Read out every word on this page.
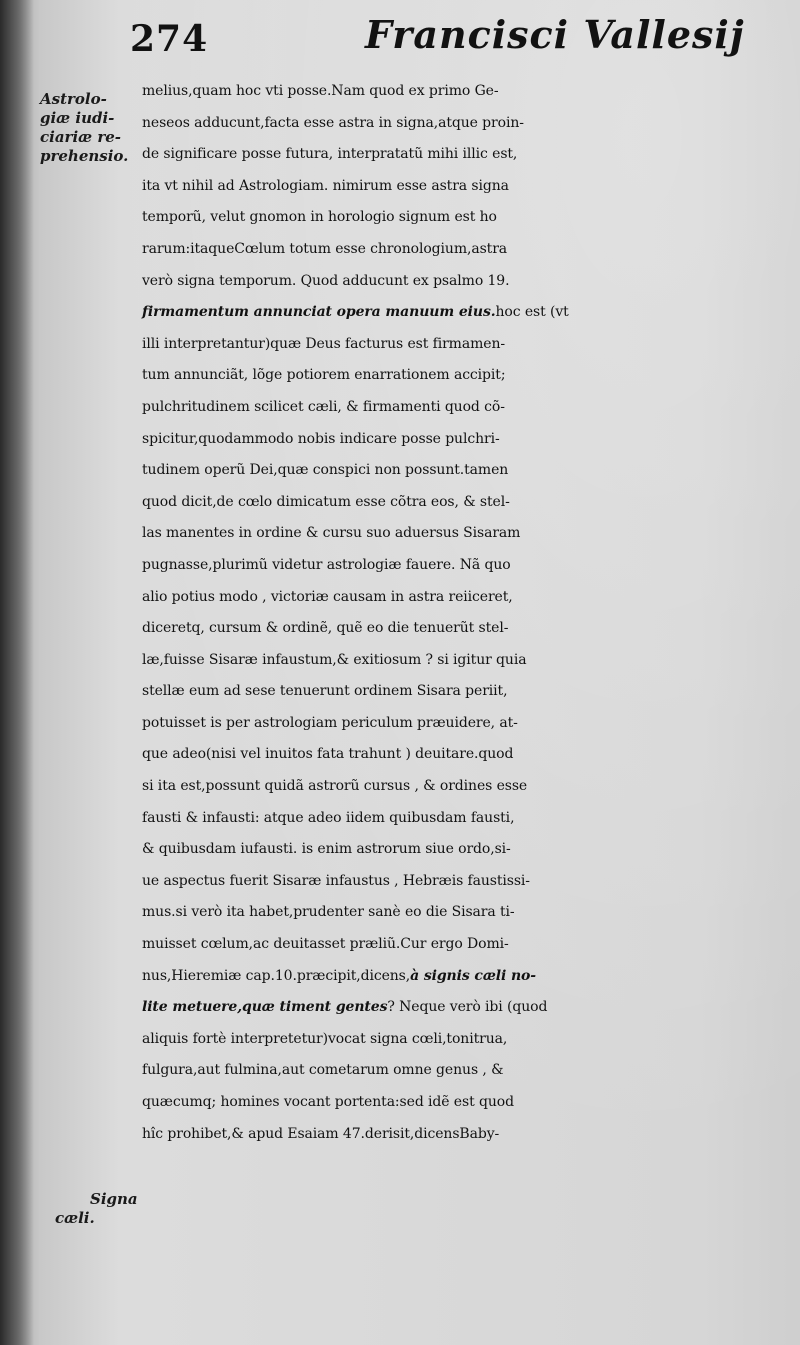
274	Francisci Vallesij
Astrolo-
giæ iudi-
ciariæ re-
prehensio.
Signa
cæli.
melius,quam hoc vti posse.Nam quod ex primo Ge-
neseos adducunt,facta esse astra in signa,atque proin-
de significare posse futura, interpratatũ mihi illic est,
ita vt nihil ad Astrologiam. nimirum esse astra signa
temporũ, velut gnomon in horologio signum est ho
rarum:itaqueCœlum totum esse chronologium,astra
verò signa temporum. Quod adducunt ex psalmo 19.
firmamentum annunciat opera manuum eius.hoc est (vt
illi interpretantur)quæ Deus facturus est firmamen-
tum annunciãt, lõge potiorem enarrationem accipit;
pulchritudinem scilicet cæli, & firmamenti quod cõ-
spicitur,quodammodo nobis indicare posse pulchri-
tudinem operũ Dei,quæ conspici non possunt.tamen
quod dicit,de cœlo dimicatum esse cõtra eos, & stel-
las manentes in ordine & cursu suo aduersus Sisaram
pugnasse,plurimũ videtur astrologiæ fauere. Nã quo
alio potius modo , victoriæ causam in astra reiiceret,
diceretq, cursum & ordinẽ, quẽ eo die tenuerũt stel-
læ,fuisse Sisaræ infaustum,& exitiosum ? si igitur quia
stellæ eum ad sese tenuerunt ordinem Sisara periit,
potuisset is per astrologiam periculum præuidere, at-
que adeo(nisi vel inuitos fata trahunt ) deuitare.quod
si ita est,possunt quidã astrorũ cursus , & ordines esse
fausti & infausti: atque adeo iidem quibusdam fausti,
& quibusdam iufausti. is enim astrorum siue ordo,si-
ue aspectus fuerit Sisaræ infaustus , Hebræis faustissi-
mus.si verò ita habet,prudenter sanè eo die Sisara ti-
muisset cœlum,ac deuitasset præliũ.Cur ergo Domi-
nus,Hieremiæ cap.10.præcipit,dicens,à signis cæli no-
lite metuere,quæ timent gentes? Neque verò ibi (quod
aliquis fortè interpretetur)vocat signa cœli,tonitrua,
fulgura,aut fulmina,aut cometarum omne genus , &
quæcumq; homines vocant portenta:sed idẽ est quod
hîc prohibet,& apud Esaiam 47.derisit,dicensBaby-
